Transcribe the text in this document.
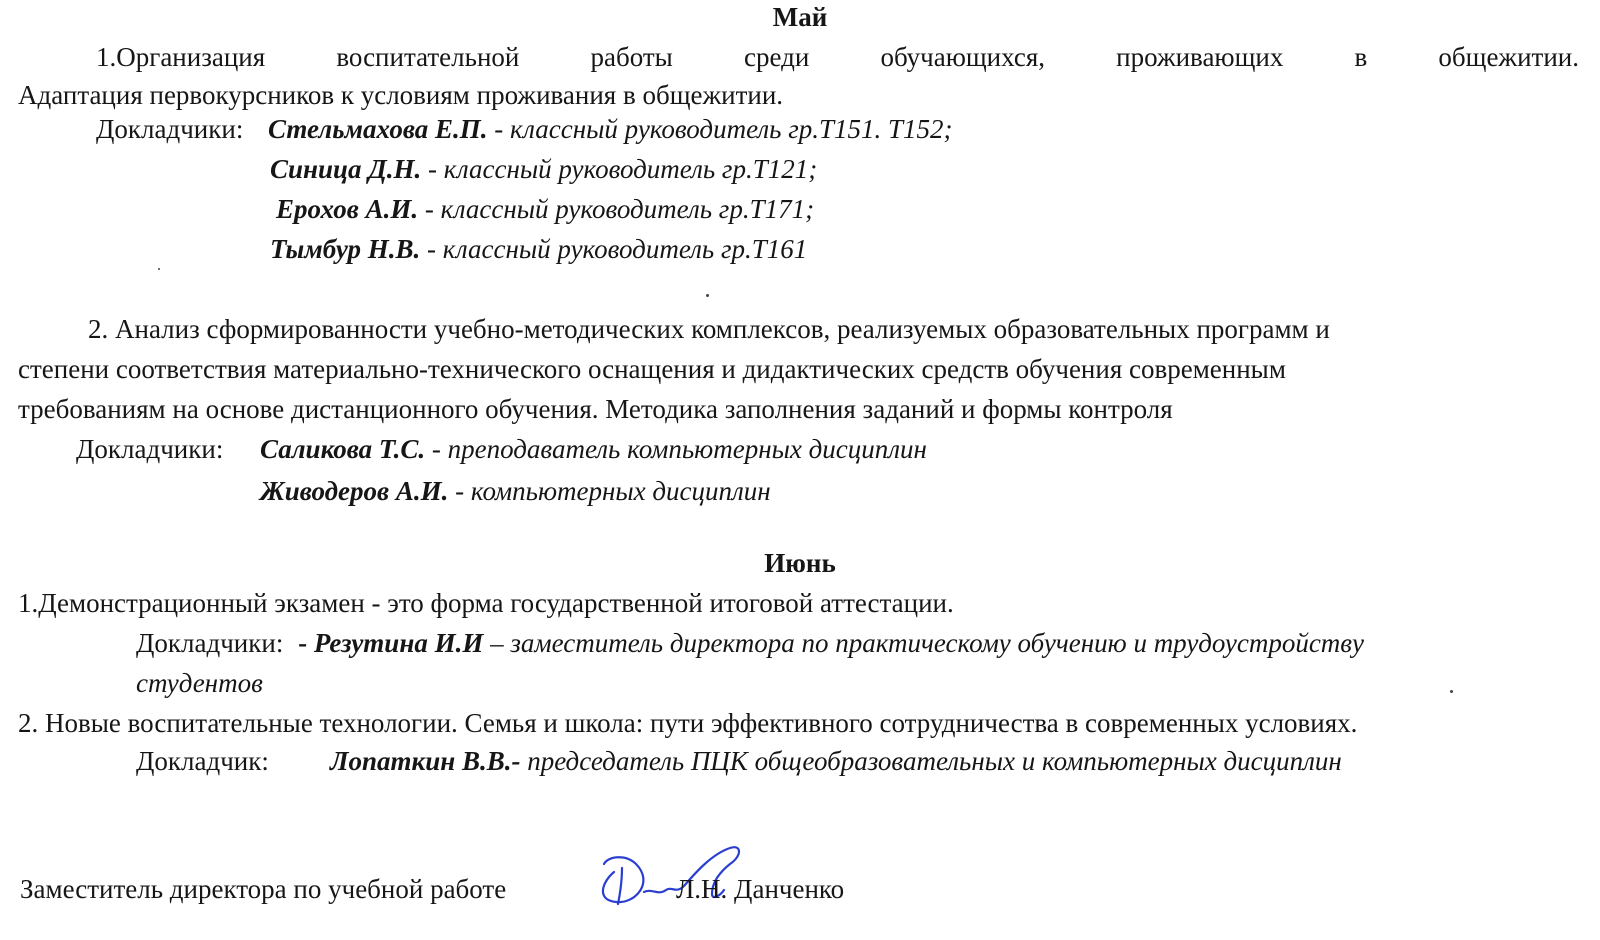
Май
1.Организация воспитательной работы среди обучающихся, проживающих в общежитии.
Адаптация первокурсников к условиям проживания в общежитии.
Докладчики: Стельмахова Е.П. - классный руководитель гр.Т151. Т152;
Синица Д.Н. - классный руководитель гр.Т121;
Ерохов А.И. - классный руководитель гр.Т171;
Тымбур Н.В. - классный руководитель гр.Т161
2. Анализ сформированности учебно-методических комплексов, реализуемых образовательных программ и
степени соответствия материально-технического оснащения и дидактических средств обучения современным
требованиям на основе дистанционного обучения. Методика заполнения заданий и формы контроля
Докладчики: Саликова Т.С. - преподаватель компьютерных дисциплин
Живодеров А.И. - компьютерных дисциплин
Июнь
1.Демонстрационный экзамен - это форма государственной итоговой аттестации.
Докладчики: - Резутина И.И – заместитель директора по практическому обучению и трудоустройству
студентов
2. Новые воспитательные технологии. Семья и школа: пути эффективного сотрудничества в современных условиях.
Докладчик: Лопаткин В.В.- председатель ПЦК общеобразовательных и компьютерных дисциплин
Заместитель директора по учебной работе	Л.Н. Данченко
